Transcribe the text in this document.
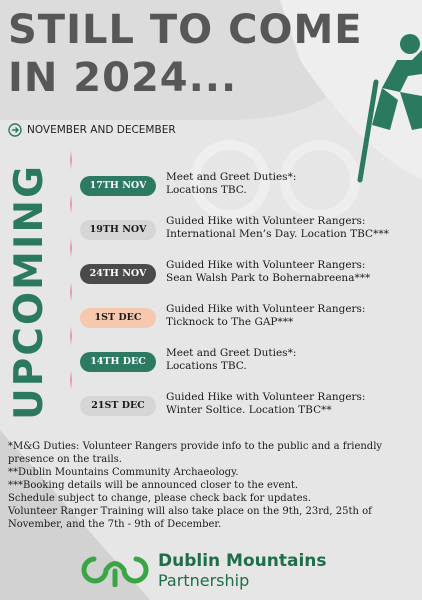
STILL TO COME
IN 2024...
NOVEMBER AND DECEMBER
UPCOMING	17TH NOV
Meet and Greet Duties*:
Locations TBC.
19TH NOV
Guided Hike with Volunteer Rangers:
International Men’s Day. Location TBC***
24TH NOV
Guided Hike with Volunteer Rangers:
Sean Walsh Park to Bohernabreena***
1ST DEC
Guided Hike with Volunteer Rangers:
Ticknock to The GAP***
14TH DEC
Meet and Greet Duties*:
Locations TBC.
21ST DEC
Guided Hike with Volunteer Rangers:
Winter Soltice. Location TBC**

*M&G Duties: Volunteer Rangers provide info to the public and a friendly presence on the trails.

**Dublin Mountains Community Archaeology.

***Booking details will be announced closer to the event.

Schedule subject to change, please check back for updates.

Volunteer Ranger Training will also take place on the 9th, 23rd, 25th of November, and the 7th - 9th of December.

Dublin Mountains
Partnership
